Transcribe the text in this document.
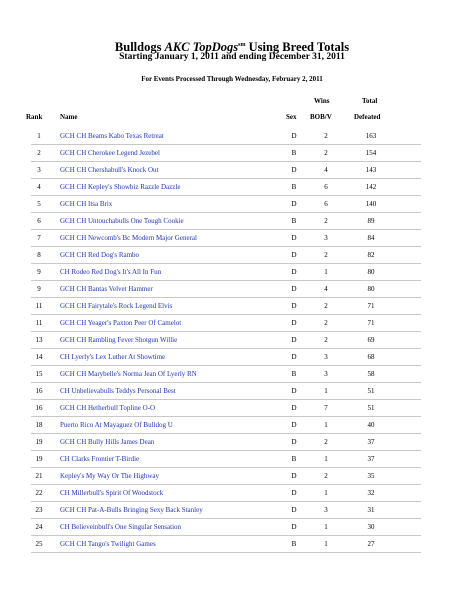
Bulldogs AKC TopDogs$^{sm}$ Using Breed Totals
Starting January 1, 2011 and ending December 31, 2011
For Events Processed Through Wednesday, February 2, 2011
Wins	Total
Rank	Name	Sex BOB/V	Defeated
1	GCH CH Beams Kabo Texas Retreat	D	2	163
2	GCH CH Cherokee Legend Jezebel	B	2	154
3	GCH CH Chershabull's Knock Out	D	4	143
4	GCH CH Kepley's Showbiz Razzle Dazzle	B	6	142
5	GCH CH Itsa Brix	D	6	140
6	GCH CH Untouchabulls One Tough Cookie	B	2	89
7	GCH CH Newcomb's Bc Modern Major General	D	3	84
8	GCH CH Red Dog's Rambo	D	2	82
9	CH Rodeo Red Dog's It's All In Fun	D	1	80
9	GCH CH Bantas Velvet Hammer	D	4	80
11	GCH CH Fairytale's Rock Legend Elvis	D	2	71
11	GCH CH Yeager's Paxton Peer Of Camelot	D	2	71
13	GCH CH Rambling Fever Shotgun Willie	D	2	69
14	CH Lyerly's Lex Luther At Showtime	D	3	68
15	GCH CH Marybelle's Norma Jean Of Lyerly RN	B	3	58
16	CH Unbelievabulls Teddys Personal Best	D	1	51
16	GCH CH Hetherbull Topline O-O	D	7	51
18	Puerto Rico At Mayaguez Of Bulldog U	D	1	40
19	GCH CH Bully Hills James Dean	D	2	37
19	CH Clarks Frontier T-Birdie	B	1	37
21	Kepley's My Way Or The Highway	D	2	35
22	CH Millerbull's Spirit Of Woodstock	D	1	32
23	GCH CH Pat-A-Bulls Bringing Sexy Back Stanley	D	3	31
24	CH Believeinbull's One Singular Sensation	D	1	30
25	GCH CH Tango's Twilight Games	B	1	27
